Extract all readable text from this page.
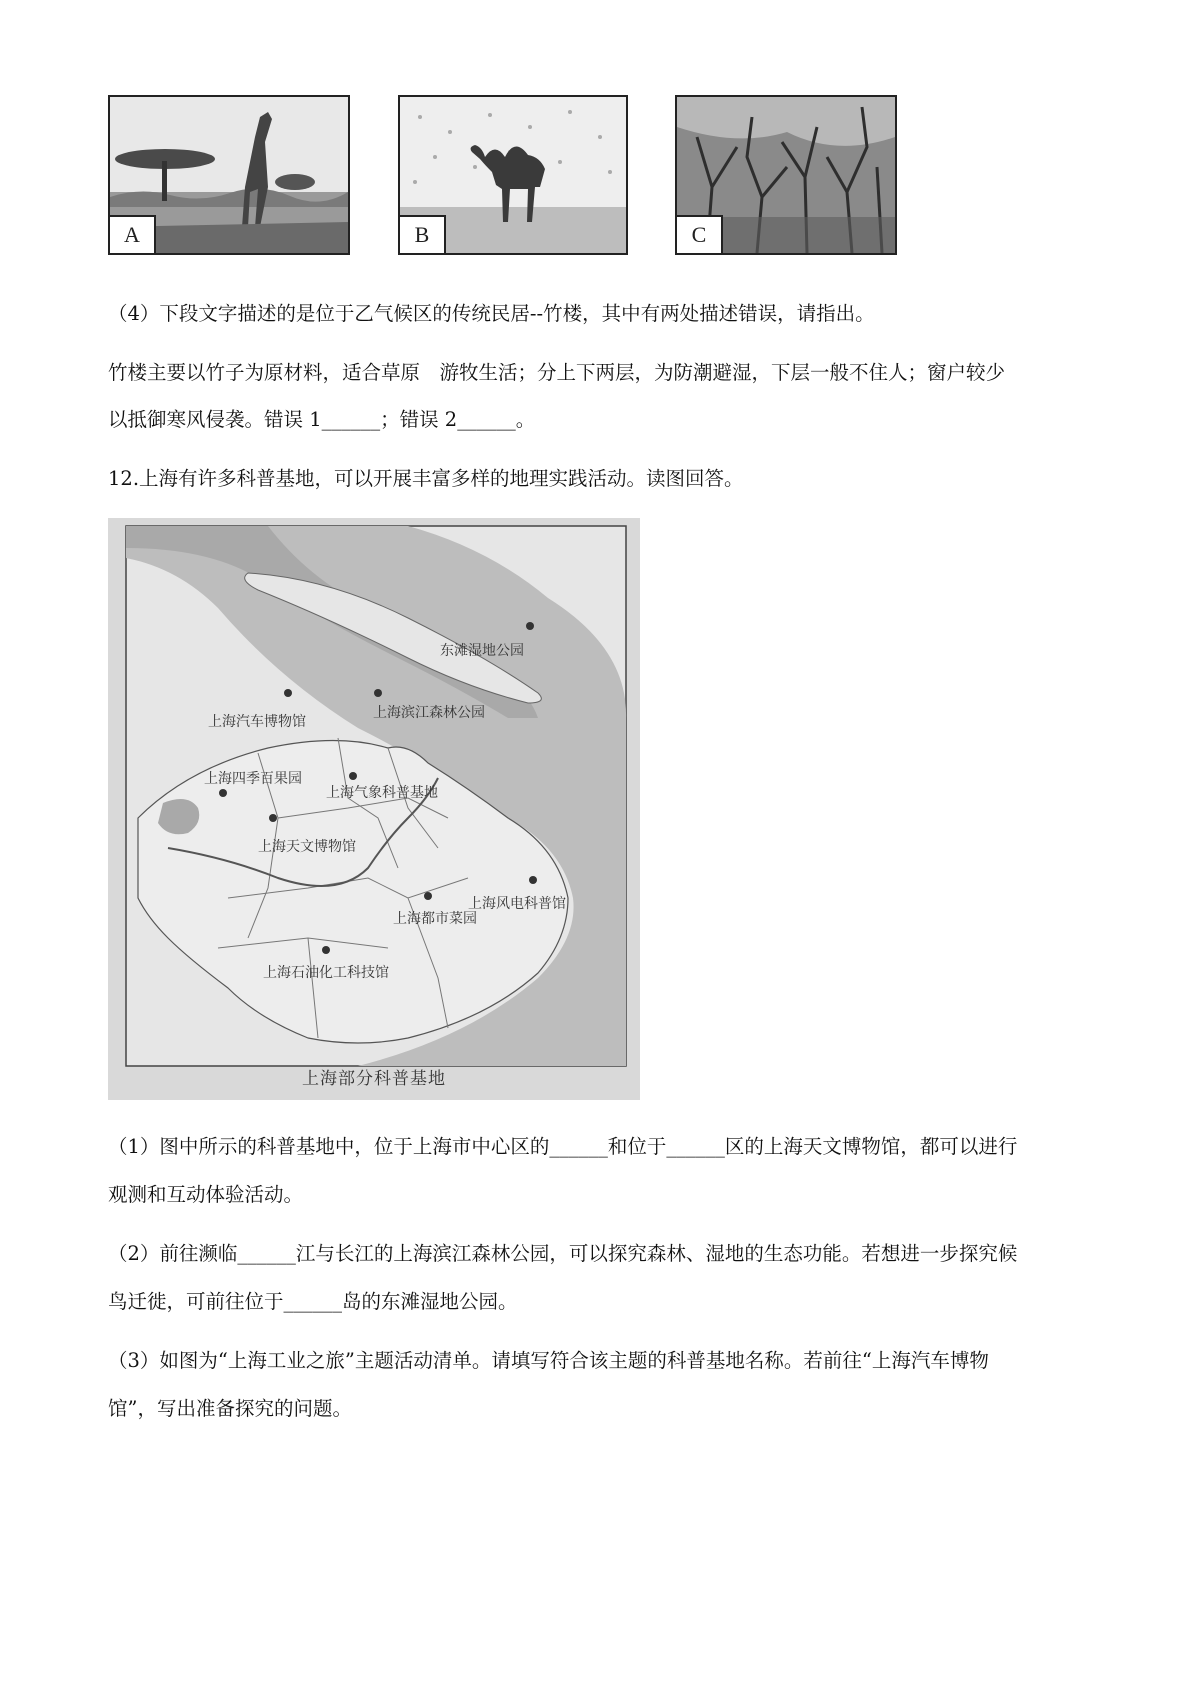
A	B	C
（4）下段文字描述的是位于乙气候区的传统民居--竹楼，其中有两处描述错误，请指出。
竹楼主要以竹子为原材料，适合草原　游牧生活；分上下两层，为防潮避湿，下层一般不住人；窗户较少
以抵御寒风侵袭。错误 1______；错误 2______。
12.上海有许多科普基地，可以开展丰富多样的地理实践活动。读图回答。
东滩湿地公园
上海汽车博物馆
上海滨江森林公园
上海四季百果园
上海气象科普基地
上海天文博物馆
上海风电科普馆
上海都市菜园
上海石油化工科技馆
上海部分科普基地
（1）图中所示的科普基地中，位于上海市中心区的______和位于______区的上海天文博物馆，都可以进行
观测和互动体验活动。
（2）前往濒临______江与长江的上海滨江森林公园，可以探究森林、湿地的生态功能。若想进一步探究候
鸟迁徙，可前往位于______岛的东滩湿地公园。
（3）如图为“上海工业之旅”主题活动清单。请填写符合该主题的科普基地名称。若前往“上海汽车博物
馆”，写出准备探究的问题。
